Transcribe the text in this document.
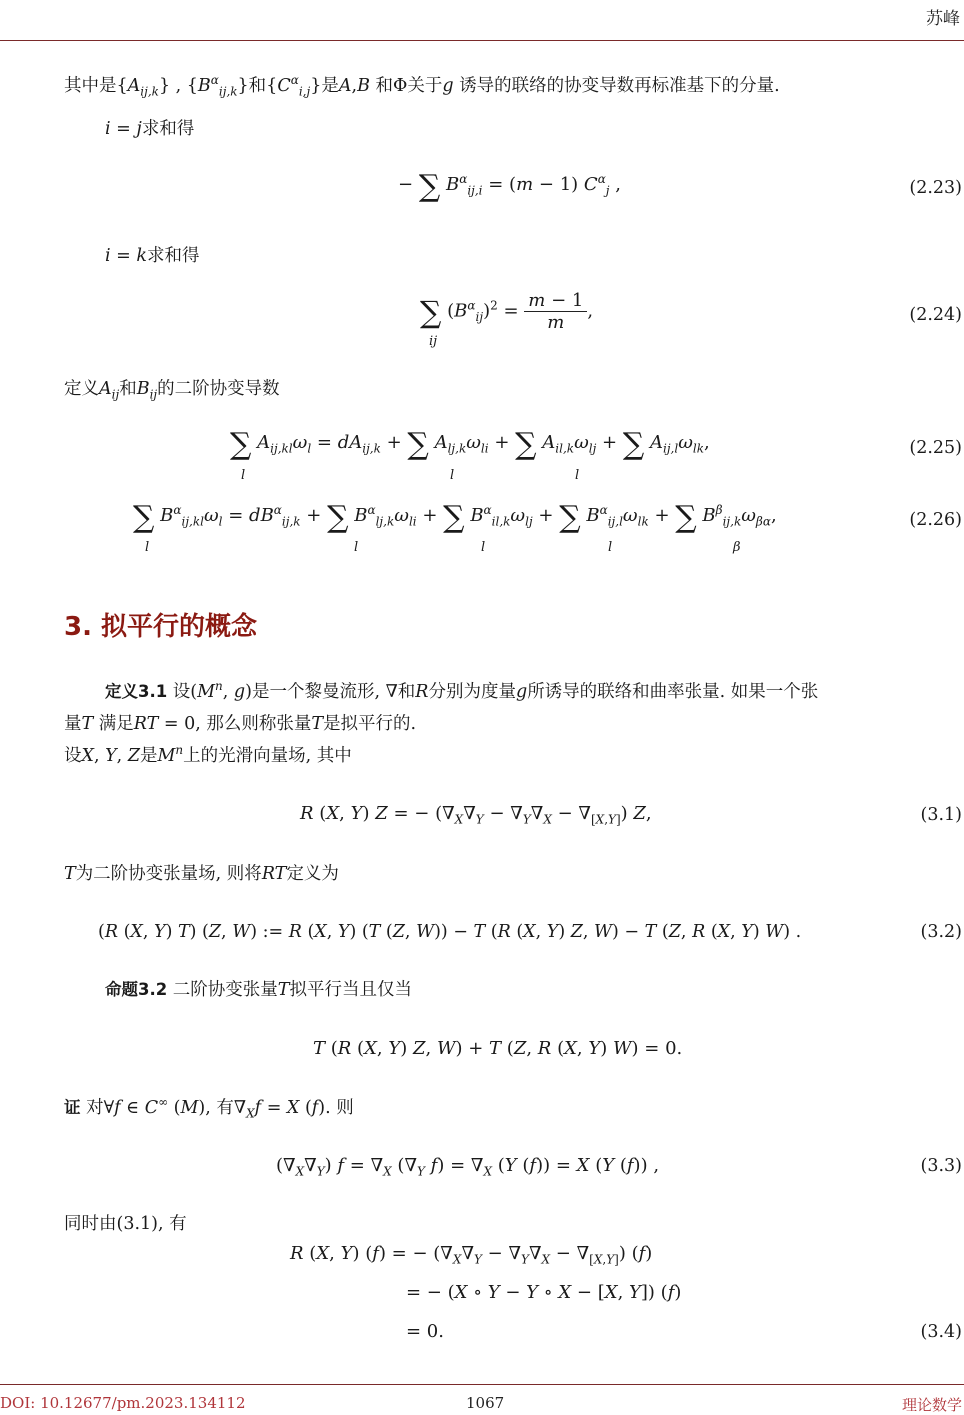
苏峰
其中是$\{A_{ij,k}\}$ , $\{B^\alpha_{ij,k}\}$和$\{C^\alpha_{i,j}\}$是A,B 和Φ关于g 诱导的联络的协变导数再标准基下的分量.
i = j求和得
− ∑ $B^\alpha_{ij,i} = (m - 1)$ $C^\alpha_j$ ,	(2.23)
i = k求和得
∑ $(B^\alpha_{ij})^2 = \frac{m - 1}{m}$ ,
ij
(2.24)
定义$A_{ij}$和$B_{ij}$的二阶协变导数
∑ $A_{ij,kl}\omega_l = dA_{ij,k}$ + ∑ $A_{lj,k}\omega_{li}$ + ∑ $A_{il,k}\omega_{lj}$ + ∑ $A_{ij,l}\omega_{lk}$,
l	l	l
(2.25)
∑ $B^\alpha_{ij,kl}\omega_l = dB^\alpha_{ij,k}$ + ∑ $B^\alpha_{lj,k}\omega_{li}$ + ∑ $B^\alpha_{il,k}\omega_{lj}$ + ∑ $B^\alpha_{ij,l}\omega_{lk}$ + ∑ $B^\beta_{ij,k}\omega_{\beta\alpha}$,
l	l	l	l	β
(2.26)
3. 拟平行的概念
定义3.1 设($M^n$, g)是一个黎曼流形, ∇和R分别为度量g所诱导的联络和曲率张量. 如果一个张
量T 满足RT = 0, 那么则称张量T是拟平行的.
设X, Y, Z是$M^n$上的光滑向量场, 其中
R (X, Y) Z = − $(\nabla_X\nabla_Y - \nabla_Y\nabla_X - \nabla_{[X,Y]})$ Z,	(3.1)
T为二阶协变张量场, 则将RT定义为
(R (X, Y) T) (Z, W) := R (X, Y) (T (Z, W)) − T (R (X, Y) Z, W) − T (Z, R (X, Y) W) .	(3.2)
命题3.2 二阶协变张量T拟平行当且仅当
T (R (X, Y) Z, W) + T (Z, R (X, Y) W) = 0.
证 对∀f ∈ C∞ (M), 有$\nabla_Xf = X$ (f). 则
$(\nabla_X\nabla_Y) f = \nabla_X$ ($\nabla_Y$ $f) = \nabla_X$ (Y (f)) = X (Y (f)) ,	(3.3)
同时由(3.1), 有
R (X, Y) (f) = − $(\nabla_X\nabla_Y - \nabla_Y\nabla_X - \nabla_{[X,Y]})$ (f)
= − (X ∘ Y − Y ∘ X − [X, Y]) (f)
= 0.	(3.4)
DOI: 10.12677/pm.2023.134112	1067	理论数学
